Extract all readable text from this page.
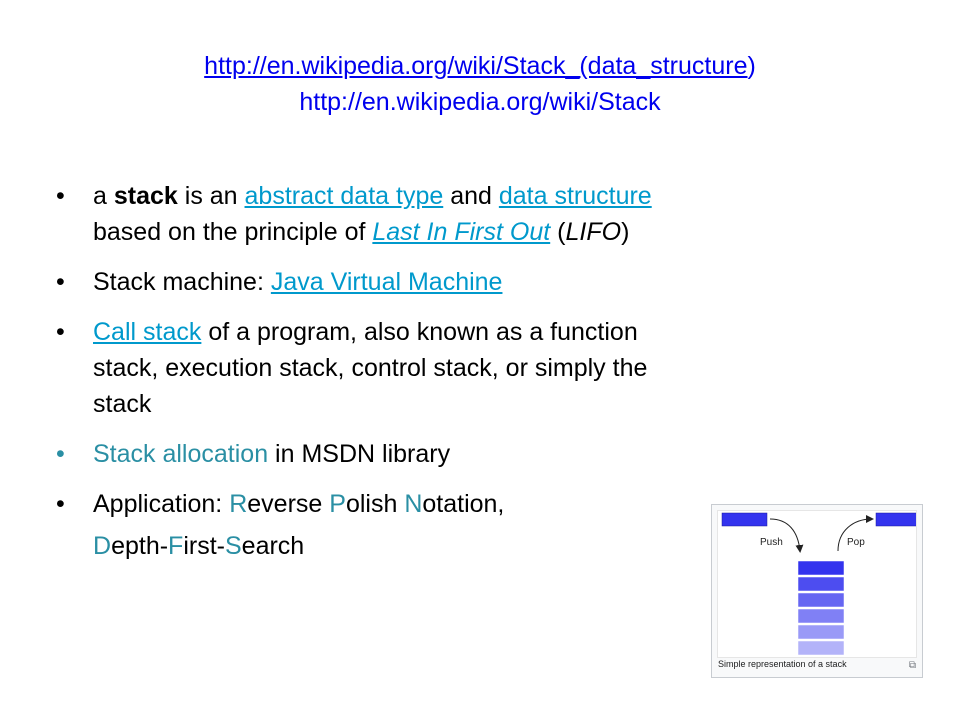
http://en.wikipedia.org/wiki/Stack_(data_structure)
http://en.wikipedia.org/wiki/Stack
• a stack is an abstract data type and data structure based on the principle of Last In First Out (LIFO)
• Stack machine: Java Virtual Machine
• Call stack of a program, also known as a function stack, execution stack, control stack, or simply the stack
• Stack allocation in MSDN library
• Application: Reverse Polish Notation,
Depth-First-Search	Push	Pop
Simple representation of a stack	⧉
